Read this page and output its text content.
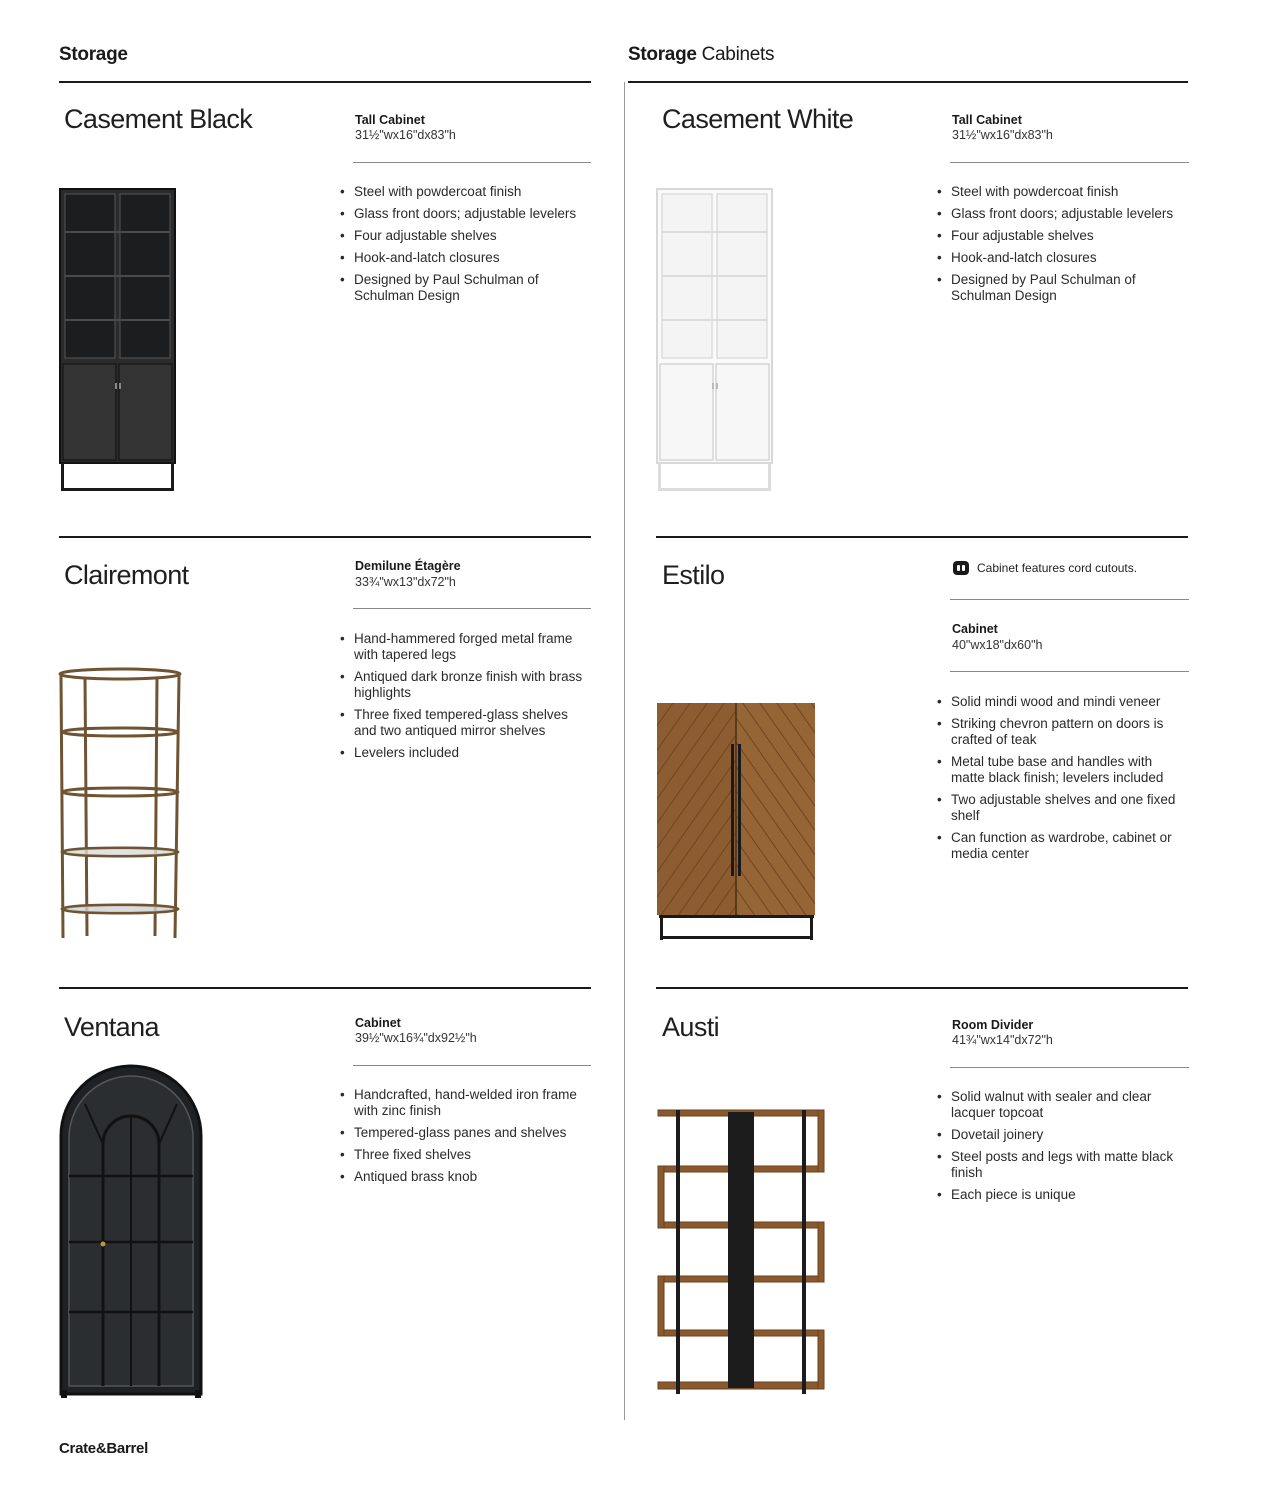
Storage	Storage Cabinets
Casement Black	Tall Cabinet
31½"wx16"dx83"h
• Steel with powdercoat finish
• Glass front doors; adjustable levelers
• Four adjustable shelves
• Hook-and-latch closures
• Designed by Paul Schulman of Schulman Design
Casement White	Tall Cabinet
31½"wx16"dx83"h
• Steel with powdercoat finish
• Glass front doors; adjustable levelers
• Four adjustable shelves
• Hook-and-latch closures
• Designed by Paul Schulman of Schulman Design
Clairemont	Demilune Étagère
33¾"wx13"dx72"h
• Hand-hammered forged metal frame with tapered legs
• Antiqued dark bronze finish with brass highlights
• Three fixed tempered-glass shelves and two antiqued mirror shelves
• Levelers included
Estilo	Cabinet features cord cutouts.
Cabinet
40"wx18"dx60"h
• Solid mindi wood and mindi veneer
• Striking chevron pattern on doors is crafted of teak
• Metal tube base and handles with matte black finish; levelers included
• Two adjustable shelves and one fixed shelf
• Can function as wardrobe, cabinet or media center
Ventana	Cabinet
39½"wx16¾"dx92½"h
• Handcrafted, hand-welded iron frame with zinc finish
• Tempered-glass panes and shelves
• Three fixed shelves
• Antiqued brass knob
Austi	Room Divider
41¾"wx14"dx72"h
• Solid walnut with sealer and clear lacquer topcoat
• Dovetail joinery
• Steel posts and legs with matte black finish
• Each piece is unique
Crate&Barrel
